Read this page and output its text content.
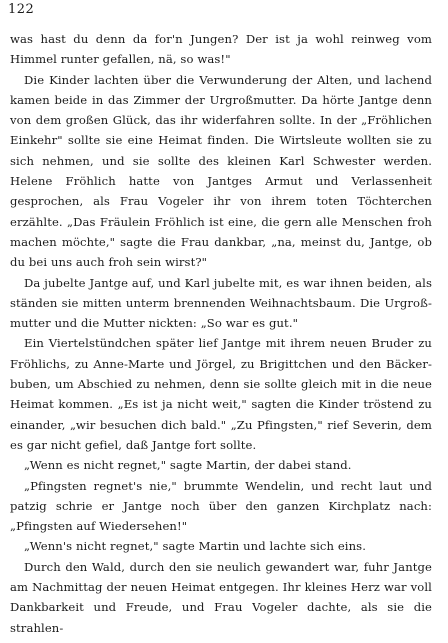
122

was hast du denn da for'n Jungen? Der ist ja wohl reinweg vom Himmel runter gefallen, nä, so was!"

Die Kinder lachten über die Verwunderung der Alten, und lachend kamen beide in das Zimmer der Urgroßmutter. Da hörte Jantge denn von dem großen Glück, das ihr widerfahren sollte. In der „Fröhlichen Einkehr" sollte sie eine Heimat finden. Die Wirtsleute wollten sie zu sich nehmen, und sie sollte des kleinen Karl Schwester werden. Helene Fröhlich hatte von Jantges Armut und Verlassenheit gesprochen, als Frau Vogeler ihr von ihrem toten Töchterchen erzählte. „Das Fräulein Fröhlich ist eine, die gern alle Menschen froh machen möchte," sagte die Frau dankbar, „na, meinst du, Jantge, ob du bei uns auch froh sein wirst?"

Da jubelte Jantge auf, und Karl jubelte mit, es war ihnen beiden, als ständen sie mitten unterm brennenden Weihnachtsbaum. Die Urgroß-mutter und die Mutter nickten: „So war es gut."

Ein Viertelstündchen später lief Jantge mit ihrem neuen Bruder zu Fröhlichs, zu Anne-Marte und Jörgel, zu Brigittchen und den Bäcker-buben, um Abschied zu nehmen, denn sie sollte gleich mit in die neue Heimat kommen. „Es ist ja nicht weit," sagten die Kinder tröstend zu einander, „wir besuchen dich bald." „Zu Pfingsten," rief Severin, dem es gar nicht gefiel, daß Jantge fort sollte.

„Wenn es nicht regnet," sagte Martin, der dabei stand.

„Pfingsten regnet's nie," brummte Wendelin, und recht laut und patzig schrie er Jantge noch über den ganzen Kirchplatz nach: „Pfingsten auf Wiedersehen!"

„Wenn's nicht regnet," sagte Martin und lachte sich eins.

Durch den Wald, durch den sie neulich gewandert war, fuhr Jantge am Nachmittag der neuen Heimat entgegen. Ihr kleines Herz war voll Dankbarkeit und Freude, und Frau Vogeler dachte, als sie die strahlen-
